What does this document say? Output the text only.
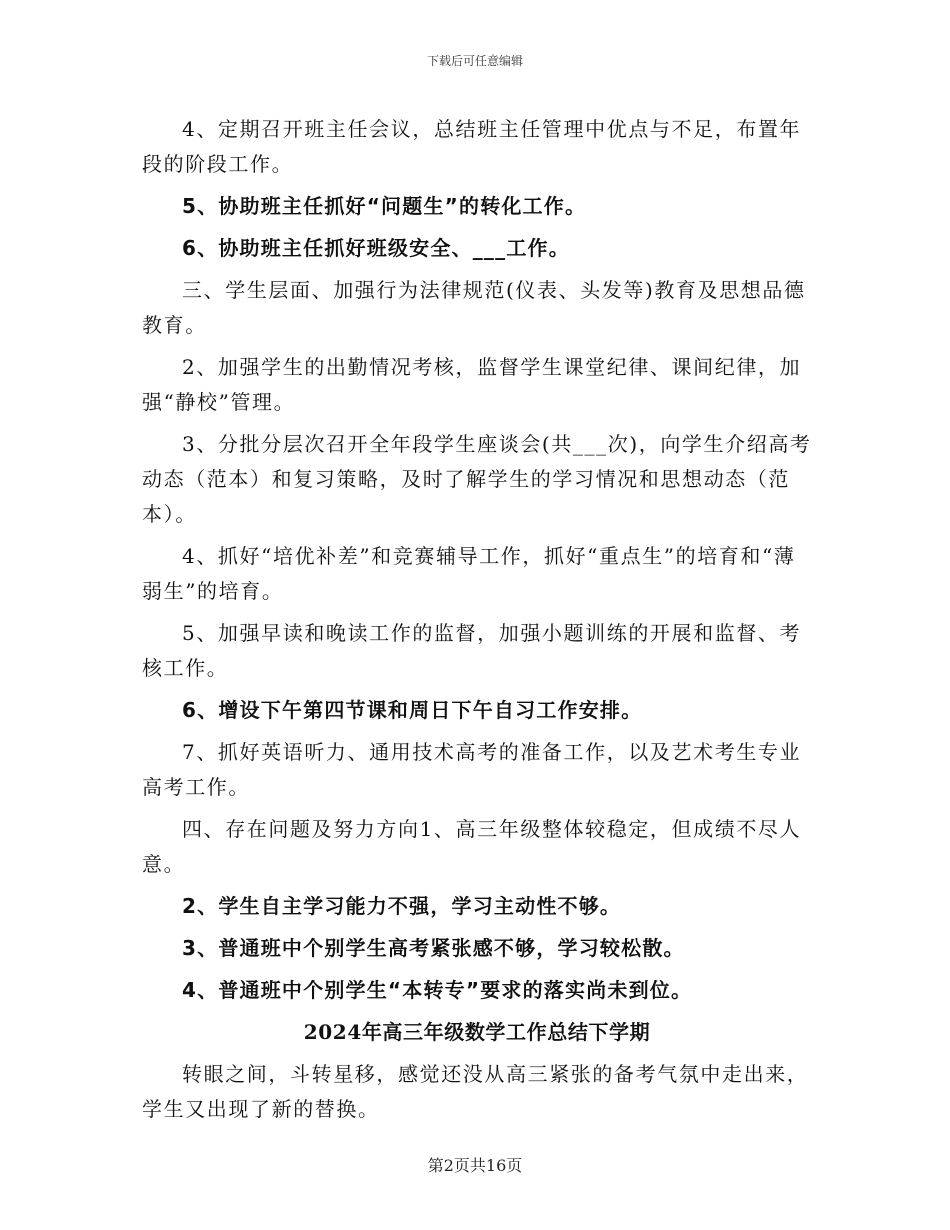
下载后可任意编辑

4、定期召开班主任会议，总结班主任管理中优点与不足，布置年段的阶段工作。

5、协助班主任抓好“问题生”的转化工作。

6、协助班主任抓好班级安全、___工作。

三、学生层面、加强行为法律规范(仪表、头发等)教育及思想品德教育。

2、加强学生的出勤情况考核，监督学生课堂纪律、课间纪律，加强“静校”管理。

3、分批分层次召开全年段学生座谈会(共___次)，向学生介绍高考动态（范本）和复习策略，及时了解学生的学习情况和思想动态（范本）。

4、抓好“培优补差”和竞赛辅导工作，抓好“重点生”的培育和“薄弱生”的培育。

5、加强早读和晚读工作的监督，加强小题训练的开展和监督、考核工作。

6、增设下午第四节课和周日下午自习工作安排。

7、抓好英语听力、通用技术高考的准备工作，以及艺术考生专业高考工作。

四、存在问题及努力方向1、高三年级整体较稳定，但成绩不尽人意。

2、学生自主学习能力不强，学习主动性不够。

3、普通班中个别学生高考紧张感不够，学习较松散。

4、普通班中个别学生“本转专”要求的落实尚未到位。

2024年高三年级数学工作总结下学期

转眼之间，斗转星移，感觉还没从高三紧张的备考气氛中走出来，学生又出现了新的替换。

第2页共16页
